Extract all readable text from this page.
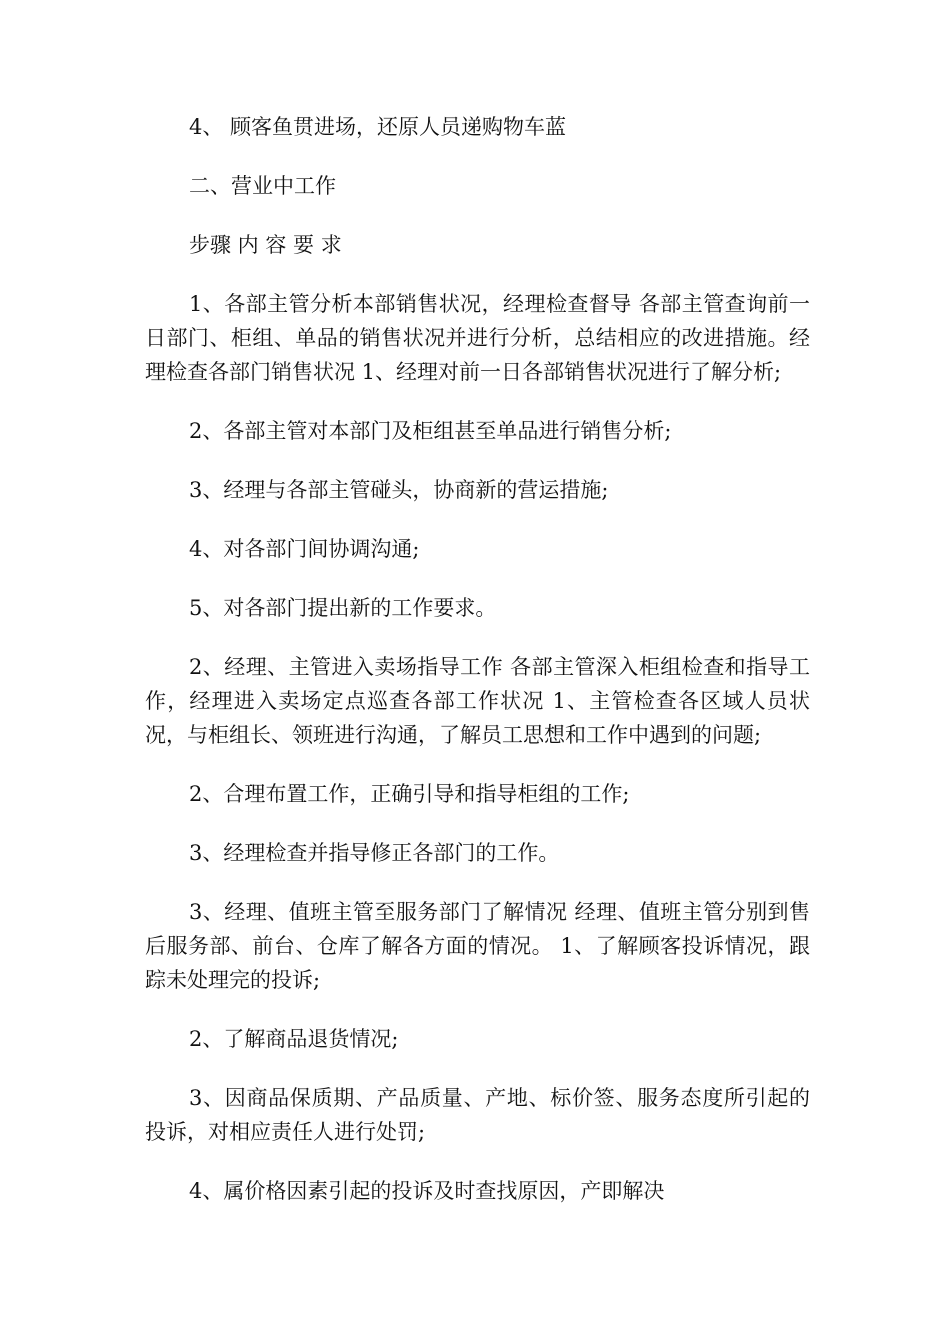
4、 顾客鱼贯进场，还原人员递购物车蓝

二、营业中工作

步骤 内 容 要 求

1、各部主管分析本部销售状况，经理检查督导 各部主管查询前一日部门、柜组、单品的销售状况并进行分析，总结相应的改进措施。经理检查各部门销售状况 1、经理对前一日各部销售状况进行了解分析;

2、各部主管对本部门及柜组甚至单品进行销售分析;

3、经理与各部主管碰头，协商新的营运措施;

4、对各部门间协调沟通;

5、对各部门提出新的工作要求。

2、经理、主管进入卖场指导工作 各部主管深入柜组检查和指导工作，经理进入卖场定点巡查各部工作状况 1、主管检查各区域人员状况，与柜组长、领班进行沟通，了解员工思想和工作中遇到的问题;

2、合理布置工作，正确引导和指导柜组的工作;

3、经理检查并指导修正各部门的工作。

3、经理、值班主管至服务部门了解情况 经理、值班主管分别到售后服务部、前台、仓库了解各方面的情况。 1、了解顾客投诉情况，跟踪未处理完的投诉;

2、了解商品退货情况;

3、因商品保质期、产品质量、产地、标价签、服务态度所引起的投诉，对相应责任人进行处罚;

4、属价格因素引起的投诉及时查找原因，产即解决
